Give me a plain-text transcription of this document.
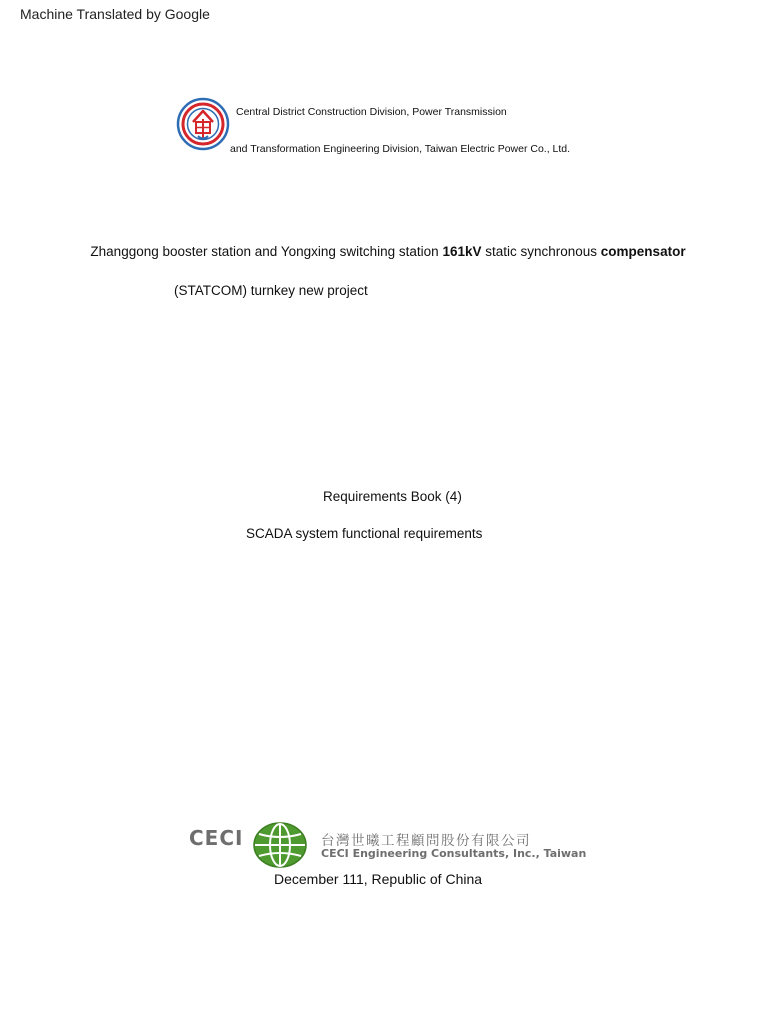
Machine Translated by Google
Central District Construction Division, Power Transmission
and Transformation Engineering Division, Taiwan Electric Power Co., Ltd.
Zhanggong booster station and Yongxing switching station 161kV static synchronous compensator
(STATCOM) turnkey new project
Requirements Book (4)
SCADA system functional requirements
CECI	台灣世曦工程顧問股份有限公司
CECI Engineering Consultants, Inc., Taiwan
December 111, Republic of China
